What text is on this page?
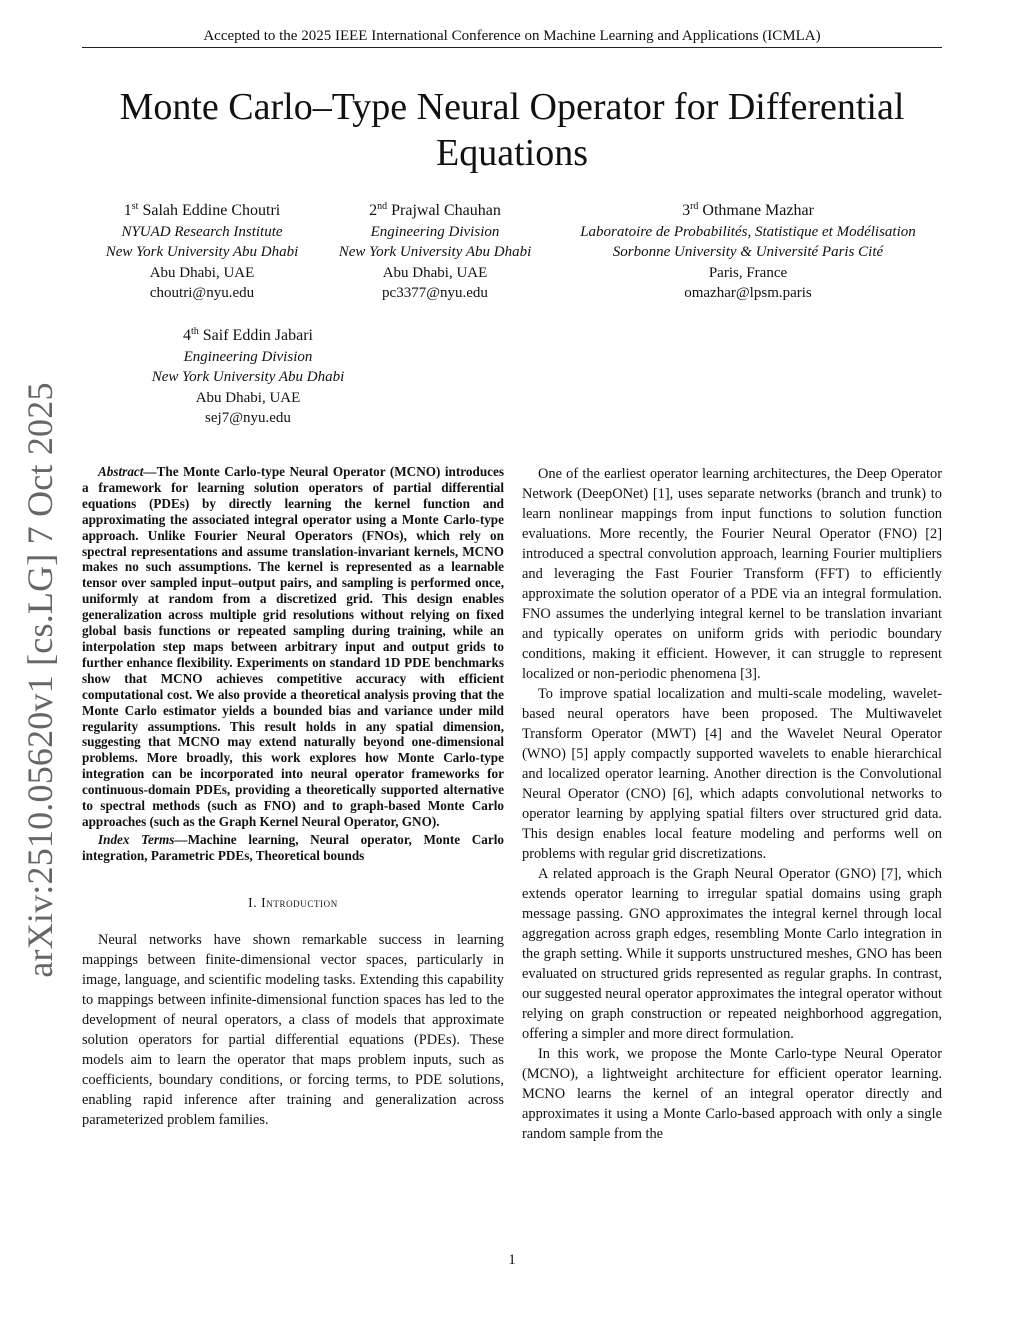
Accepted to the 2025 IEEE International Conference on Machine Learning and Applications (ICMLA)
Monte Carlo–Type Neural Operator for Differential Equations
1st Salah Eddine Choutri
NYUAD Research Institute
New York University Abu Dhabi
Abu Dhabi, UAE
choutri@nyu.edu
2nd Prajwal Chauhan
Engineering Division
New York University Abu Dhabi
Abu Dhabi, UAE
pc3377@nyu.edu
3rd Othmane Mazhar
Laboratoire de Probabilités, Statistique et Modélisation
Sorbonne University & Université Paris Cité
Paris, France
omazhar@lpsm.paris
4th Saif Eddin Jabari
Engineering Division
New York University Abu Dhabi
Abu Dhabi, UAE
sej7@nyu.edu
arXiv:2510.05620v1 [cs.LG] 7 Oct 2025	Abstract—The Monte Carlo-type Neural Operator (MCNO) introduces a framework for learning solution operators of partial differential equations (PDEs) by directly learning the kernel function and approximating the associated integral operator using a Monte Carlo-type approach. Unlike Fourier Neural Operators (FNOs), which rely on spectral representations and assume translation-invariant kernels, MCNO makes no such assumptions. The kernel is represented as a learnable tensor over sampled input–output pairs, and sampling is performed once, uniformly at random from a discretized grid. This design enables generalization across multiple grid resolutions without relying on fixed global basis functions or repeated sampling during training, while an interpolation step maps between arbitrary input and output grids to further enhance flexibility. Experiments on standard 1D PDE benchmarks show that MCNO achieves competitive accuracy with efficient computational cost. We also provide a theoretical analysis proving that the Monte Carlo estimator yields a bounded bias and variance under mild regularity assumptions. This result holds in any spatial dimension, suggesting that MCNO may extend naturally beyond one-dimensional problems. More broadly, this work explores how Monte Carlo-type integration can be incorporated into neural operator frameworks for continuous-domain PDEs, providing a theoretically supported alternative to spectral methods (such as FNO) and to graph-based Monte Carlo approaches (such as the Graph Kernel Neural Operator, GNO).

Index Terms—Machine learning, Neural operator, Monte Carlo integration, Parametric PDEs, Theoretical bounds

I. Introduction

Neural networks have shown remarkable success in learning mappings between finite-dimensional vector spaces, particularly in image, language, and scientific modeling tasks. Extending this capability to mappings between infinite-dimensional function spaces has led to the development of neural operators, a class of models that approximate solution operators for partial differential equations (PDEs). These models aim to learn the operator that maps problem inputs, such as coefficients, boundary conditions, or forcing terms, to PDE solutions, enabling rapid inference after training and generalization across parameterized problem families.

One of the earliest operator learning architectures, the Deep Operator Network (DeepONet) [1], uses separate networks (branch and trunk) to learn nonlinear mappings from input functions to solution function evaluations. More recently, the Fourier Neural Operator (FNO) [2] introduced a spectral convolution approach, learning Fourier multipliers and leveraging the Fast Fourier Transform (FFT) to efficiently approximate the solution operator of a PDE via an integral formulation. FNO assumes the underlying integral kernel to be translation invariant and typically operates on uniform grids with periodic boundary conditions, making it efficient. However, it can struggle to represent localized or non-periodic phenomena [3].

To improve spatial localization and multi-scale modeling, wavelet-based neural operators have been proposed. The Multiwavelet Transform Operator (MWT) [4] and the Wavelet Neural Operator (WNO) [5] apply compactly supported wavelets to enable hierarchical and localized operator learning. Another direction is the Convolutional Neural Operator (CNO) [6], which adapts convolutional networks to operator learning by applying spatial filters over structured grid data. This design enables local feature modeling and performs well on problems with regular grid discretizations.

A related approach is the Graph Neural Operator (GNO) [7], which extends operator learning to irregular spatial domains using graph message passing. GNO approximates the integral kernel through local aggregation across graph edges, resembling Monte Carlo integration in the graph setting. While it supports unstructured meshes, GNO has been evaluated on structured grids represented as regular graphs. In contrast, our suggested neural operator approximates the integral operator without relying on graph construction or repeated neighborhood aggregation, offering a simpler and more direct formulation.

In this work, we propose the Monte Carlo-type Neural Operator (MCNO), a lightweight architecture for efficient operator learning. MCNO learns the kernel of an integral operator directly and approximates it using a Monte Carlo-based approach with only a single random sample from the

1
